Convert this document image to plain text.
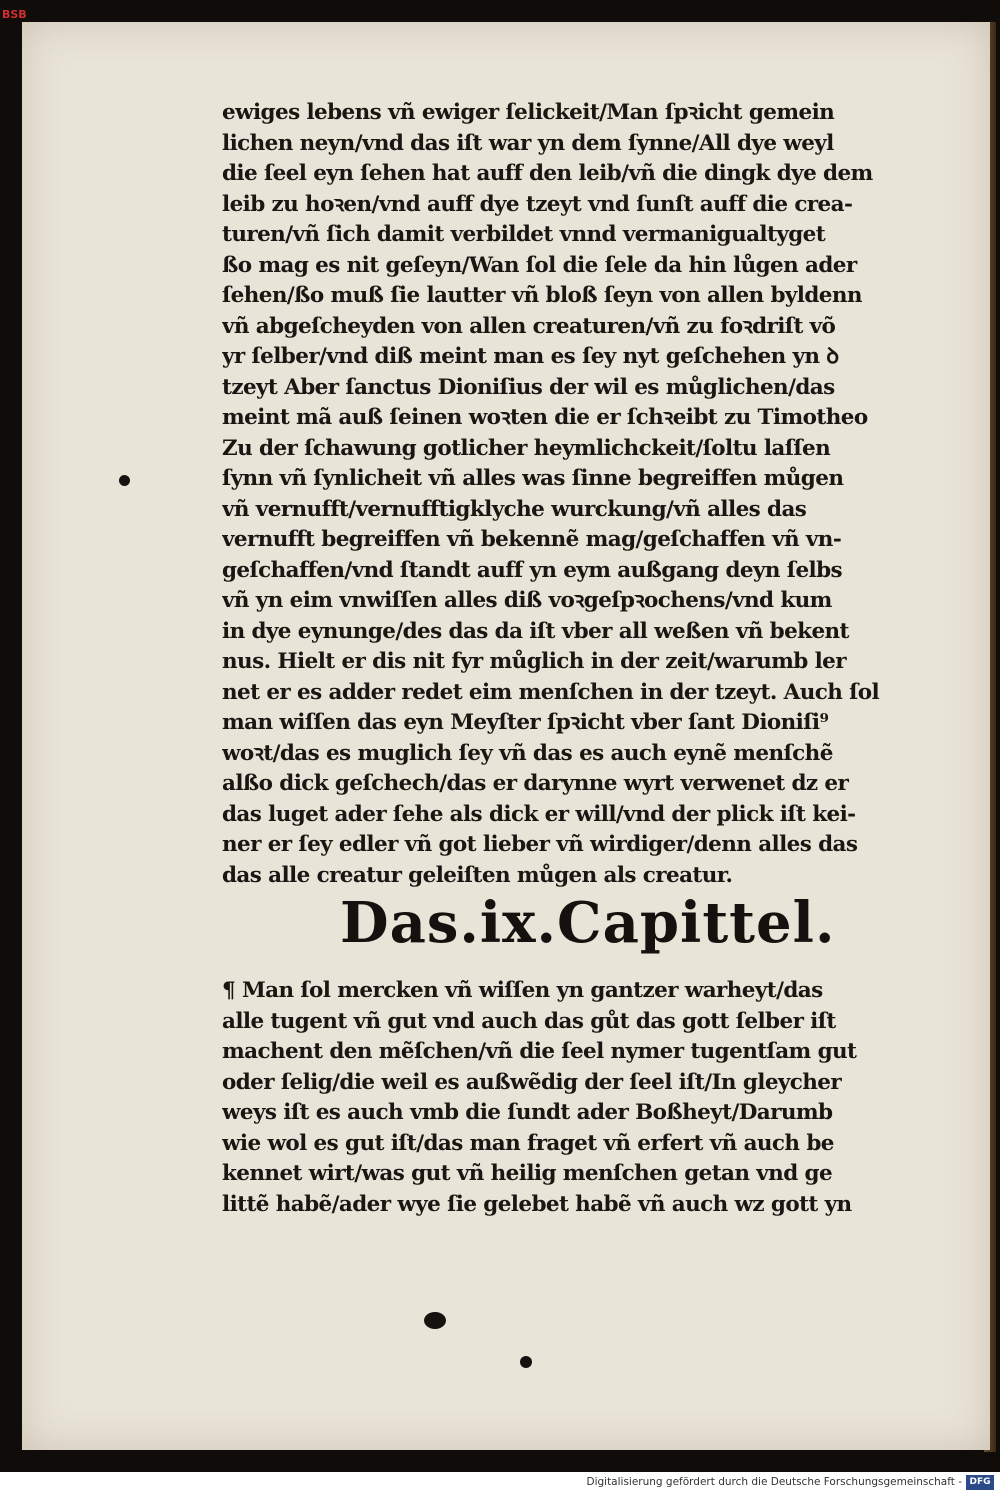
BSB
ewiges lebens vñ ewiger ſelickeit/Man ſpꝛicht gemein
lichen neyn/vnd das iſt war yn dem ſynne/All dye weyl
die ſeel eyn ſehen hat auff den leib/vñ die dingk dye dem
leib zu hoꝛen/vnd auff dye tzeyt vnd ſunſt auff die crea-
turen/vñ ſich damit verbildet vnnd vermanigualtyget
ßo mag es nit geſeyn/Wan ſol die ſele da hin lůgen ader
ſehen/ßo muß ſie lautter vñ bloß ſeyn von allen byldenn
vñ abgeſcheyden von allen creaturen/vñ zu foꝛdriſt võ
yr ſelber/vnd diß meint man es ſey nyt geſchehen yn ꝺ
tzeyt Aber ſanctus Dioniſius der wil es můglichen/das
meint mã auß ſeinen woꝛten die er ſchꝛeibt zu Timotheo
Zu der ſchawung gotlicher heymlichckeit/ſoltu laſſen
ſynn vñ ſynlicheit vñ alles was ſinne begreiffen můgen
vñ vernufft/vernufftigklyche wurckung/vñ alles das
vernufft begreiffen vñ bekennẽ mag/geſchaffen vñ vn-
geſchaffen/vnd ſtandt auff yn eym außgang deyn ſelbs
vñ yn eim vnwiſſen alles diß voꝛgeſpꝛochens/vnd kum
in dye eynunge/des das da iſt vber all weßen vñ bekent
nus. Hielt er dis nit fyr můglich in der zeit/warumb ler
net er es adder redet eim menſchen in der tzeyt. Auch ſol
man wiſſen das eyn Meyſter ſpꝛicht vber ſant Dioniſi⁹
woꝛt/das es muglich ſey vñ das es auch eynẽ menſchẽ
alßo dick geſchech/das er darynne wyrt verwenet dz er
das luget ader ſehe als dick er will/vnd der plick iſt kei-
ner er ſey edler vñ got lieber vñ wirdiger/denn alles das
das alle creatur geleiſten můgen als creatur.
Das.ix.Capittel.
¶ Man ſol mercken vñ wiſſen yn gantzer warheyt/das
alle tugent vñ gut vnd auch das gůt das gott ſelber iſt
machent den mẽſchen/vñ die ſeel nymer tugentſam gut
oder ſelig/die weil es außwẽdig der ſeel iſt/In gleycher
weys iſt es auch vmb die ſundt ader Boßheyt/Darumb
wie wol es gut iſt/das man fraget vñ erfert vñ auch be
kennet wirt/was gut vñ heilig menſchen getan vnd ge
littẽ habẽ/ader wye ſie gelebet habẽ vñ auch wz gott yn
Digitalisierung gefördert durch die Deutsche Forschungsgemeinschaft - DFG
